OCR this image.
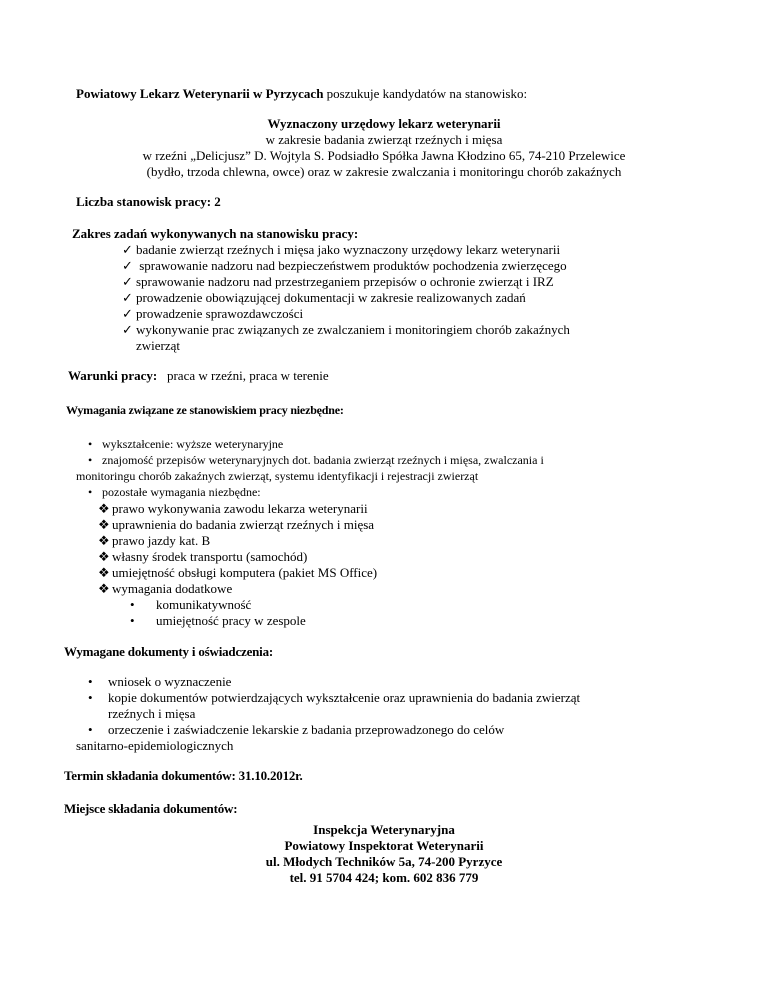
Powiatowy Lekarz Weterynarii w Pyrzycach poszukuje kandydatów na stanowisko:
Wyznaczony urzędowy lekarz weterynarii
w zakresie badania zwierząt rzeźnych i mięsa
w rzeźni „Delicjusz” D. Wojtyla S. Podsiadło Spółka Jawna Kłodzino 65, 74-210 Przelewice
(bydło, trzoda chlewna, owce) oraz w zakresie zwalczania i monitoringu chorób zakaźnych
Liczba stanowisk pracy: 2
Zakres zadań wykonywanych na stanowisku pracy:
✓ badanie zwierząt rzeźnych i mięsa jako wyznaczony urzędowy lekarz weterynarii
✓ sprawowanie nadzoru nad bezpieczeństwem produktów pochodzenia zwierzęcego
✓ sprawowanie nadzoru nad przestrzeganiem przepisów o ochronie zwierząt i IRZ
✓ prowadzenie obowiązującej dokumentacji w zakresie realizowanych zadań
✓ prowadzenie sprawozdawczości
✓ wykonywanie prac związanych ze zwalczaniem i monitoringiem chorób zakaźnych
zwierząt
Warunki pracy: praca w rzeźni, praca w terenie
Wymagania związane ze stanowiskiem pracy niezbędne:
• wykształcenie: wyższe weterynaryjne
• znajomość przepisów weterynaryjnych dot. badania zwierząt rzeźnych i mięsa, zwalczania i
monitoringu chorób zakaźnych zwierząt, systemu identyfikacji i rejestracji zwierząt
• pozostałe wymagania niezbędne:
❖ prawo wykonywania zawodu lekarza weterynarii
❖ uprawnienia do badania zwierząt rzeźnych i mięsa
❖ prawo jazdy kat. B
❖ własny środek transportu (samochód)
❖ umiejętność obsługi komputera (pakiet MS Office)
❖ wymagania dodatkowe
• komunikatywność
• umiejętność pracy w zespole
Wymagane dokumenty i oświadczenia:
• wniosek o wyznaczenie
• kopie dokumentów potwierdzających wykształcenie oraz uprawnienia do badania zwierząt
rzeźnych i mięsa
• orzeczenie i zaświadczenie lekarskie z badania przeprowadzonego do celów
sanitarno-epidemiologicznych
Termin składania dokumentów: 31.10.2012r.
Miejsce składania dokumentów:
Inspekcja Weterynaryjna
Powiatowy Inspektorat Weterynarii
ul. Młodych Techników 5a, 74-200 Pyrzyce
tel. 91 5704 424; kom. 602 836 779
